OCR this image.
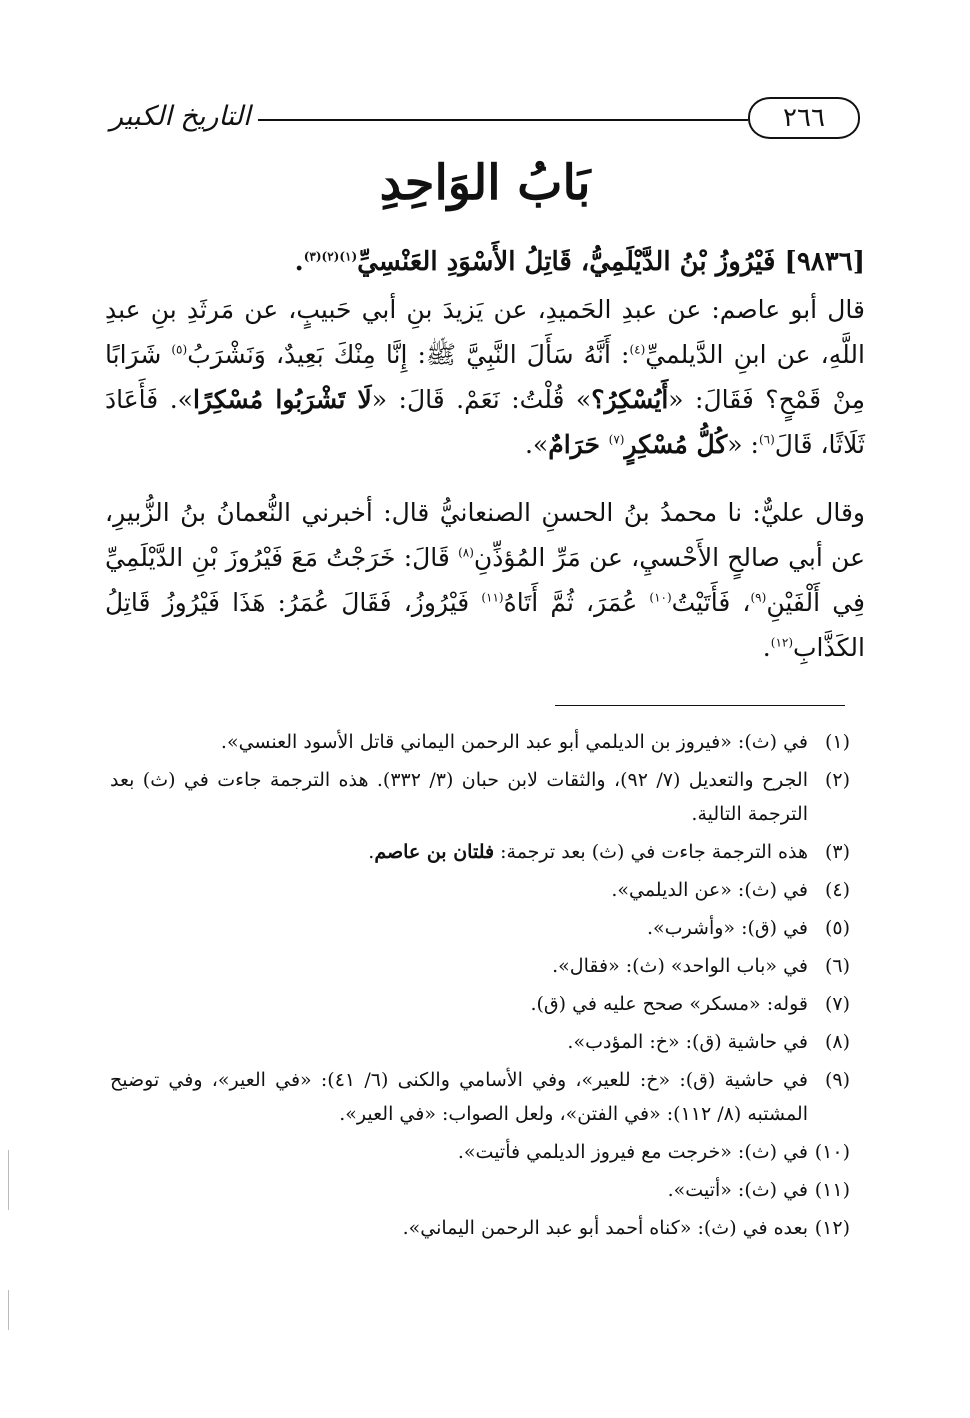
التاريخ الكبير	٢٦٦
بَابُ الوَاحِدِ
[٩٨٣٦] فَيْرُوزُ بْنُ الدَّيْلَمِيُّ، قَاتِلُ الأَسْوَدِ العَنْسِيِّ$^{(١)(٢)(٣)}$.
قال أبو عاصم: عن عبدِ الحَميدِ، عن يَزيدَ بنِ أبي حَبيبٍ، عن مَرثَدِ بنِ عبدِ اللَّهِ، عن ابنِ الدَّيلميِّ$^{(٤)}$: أَنَّهُ سَأَلَ النَّبِيَّ ﷺ: إِنَّا مِنْكَ بَعِيدٌ، وَنَشْرَبُ$^{(٥)}$ شَرَابًا مِنْ قَمْحٍ؟ فَقَالَ: «أَيُسْكِرُ؟» قُلْتُ: نَعَمْ. قَالَ: «لَا تَشْرَبُوا مُسْكِرًا». فَأَعَادَ ثَلَاثًا، قَالَ$^{(٦)}$: «كُلُّ مُسْكِرٍ$^{(٧)}$ حَرَامٌ».
وقال عليٌّ: نا محمدُ بنُ الحسنِ الصنعانيُّ قال: أخبرني النُّعمانُ بنُ الزُّبيرِ، عن أبي صالحٍ الأَحْسيِ، عن مَرِّ المُؤذِّنِ$^{(٨)}$ قَالَ: خَرَجْتُ مَعَ فَيْرُوزَ بْنِ الدَّيْلَمِيِّ فِي أَلْفَيْنِ$^{(٩)}$، فَأَتَيْتُ$^{(١٠)}$ عُمَرَ، ثُمَّ أَتَاهُ$^{(١١)}$ فَيْرُوزُ، فَقَالَ عُمَرُ: هَذَا فَيْرُوزُ قَاتِلُ الكَذَّابِ$^{(١٢)}$.
(١)
في (ث): «فيروز بن الديلمي أبو عبد الرحمن اليماني قاتل الأسود العنسي».
(٢)
الجرح والتعديل (٧/ ٩٢)، والثقات لابن حبان (٣/ ٣٣٢). هذه الترجمة جاءت في (ث) بعد الترجمة التالية.
(٣)
هذه الترجمة جاءت في (ث) بعد ترجمة: فلتان بن عاصم.
(٤)
في (ث): «عن الديلمي».
(٥)
في (ق): «وأشرب».
(٦)
في «باب الواحد» (ث): «فقال».
(٧)
قوله: «مسكر» صحح عليه في (ق).
(٨)
في حاشية (ق): «خ: المؤدب».
(٩)
في حاشية (ق): «خ: للعير»، وفي الأسامي والكنى (٦/ ٤١): «في العير»، وفي توضيح المشتبه (٨/ ١١٢): «في الفتن»، ولعل الصواب: «في العير».
(١٠)
في (ث): «خرجت مع فيروز الديلمي فأتيت».
(١١)
في (ث): «أتيت».
(١٢)
بعده في (ث): «كناه أحمد أبو عبد الرحمن اليماني».
